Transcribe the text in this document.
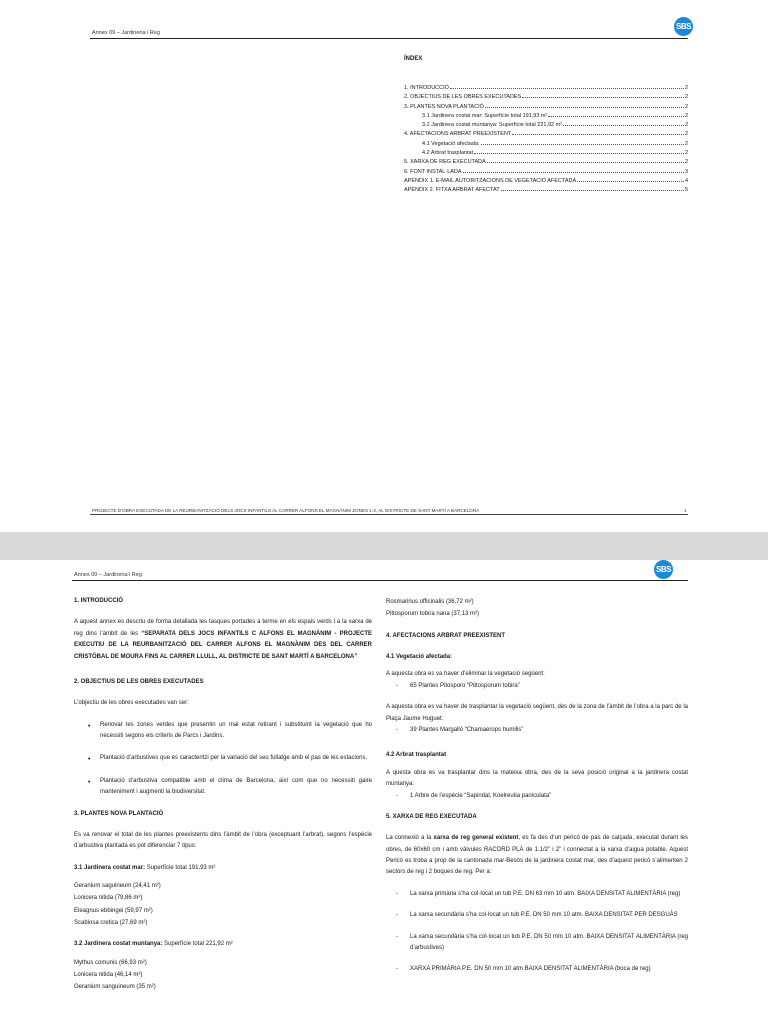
Annex 09 – Jardineria i Reg
SBS
ÍNDEX
1. INTRODUCCIÓ	2
2. OBJECTIUS DE LES OBRES EXECUTADES	2
3. PLANTES NOVA PLANTACIÓ	2
3.1 Jardinera costat mar: Superfície total 191,93 m²	2
3.2 Jardinera costat muntanya: Superfície total 221,92 m²	2
4. AFECTACIONS ARBRAT PREEXISTENT	2
4.1 Vegetació afectada:	2
4.2 Arbrat trasplantat	2
5. XARXA DE REG EXECUTADA	2
6. FONT INSTAL·LADA	3
APÈNDIX 1. E-MAIL AUTORITZACIONS DE VEGETACIÓ AFECTADA	4
APÈNDIX 2. FITXA ARBRAT AFECTAT	5
PROJECTE D’OBRA EXECUTADA DE LA REURBANITZACIÓ DELS JOCS INFANTILS AL CARRER ALFONS EL MAGNÀNIM ZONES 1-2, AL DISTRICTE DE SANT MARTÍ A BARCELONA	1
Annex 09 – Jardineria i Reg
SBS

1. INTRODUCCIÓ

A aquest annex es descriu de forma detallada les tasques portades a terme en els espais verds i a la xarxa de reg dins l’àmbit de les “SEPARATA DELS JOCS INFANTILS C ALFONS EL MAGNÀNIM - PROJECTE EXECUTIU DE LA REURBANITZACIÓ DEL CARRER ALFONS EL MAGNÀNIM DES DEL CARRER CRISTÒBAL DE MOURA FINS AL CARRER LLULL, AL DISTRICTE DE SANT MARTÍ A BARCELONA”

2. OBJECTIUS DE LES OBRES EXECUTADES

L’objectiu de les obres executades van ser:

•	Renovar les zones verdes que presentin un mal estat retirant i substituint la vegetació que ho necessiti segons els criteris de Parcs i Jardins.
•	Plantació d’arbustives que es caracteritzi per la variació del seu fullatge amb el pas de les estacions.
•	Plantació d’arbustiva compatible amb el clima de Barcelona, així com que no necessiti gaire manteniment i augmenti la biodiversitat.

3. PLANTES NOVA PLANTACIÓ

Es va renovar el total de les plantes preexistents dins l’àmbit de l’obra (exceptuant l’arbrat), segons l’espècie d’arbustiva plantada es pot diferenciar 7 tipus:

3.1 Jardinera costat mar: Superfície total 191,93 m²

Geranium saguineum (24,41 m²)

Lonicera nitida (79,86 m²)

Eleagnus ebbingei (59,97 m²)

Scabiosa cretica (27,69 m²)

3.2 Jardinera costat muntanya: Superfície total 221,92 m²

Mythus comunis (66,93 m²)

Lonicera nitida (46,14 m²)

Geranium sanguineum (35 m²)

Rosmarinus officinalis (36,72 m²)

Pittosporum tobira nana (37,13 m²)

4. AFECTACIONS ARBRAT PREEXISTENT

4.1 Vegetació afectada:

A aquesta obra es va haver d’eliminar la vegetació següent:

-	65 Plantes Pitosporo “Pittosporum tobira”

A aquesta obra es va haver de trasplantar la vegetació següent, des de la zona de l’àmbit de l’obra a la parc de la Plaça Jaume Huguet:

-	39 Plantes Margalló “Chamaerops humilis”

4.2 Arbrat trasplantat

A questa obra es va trasplantar dins la mateixa obra, des de la seva posició original a la jardinera costat muntanya:

-	1 Arbre de l’espècie “Sapindal, Koelreutia paniculata”

5. XARXA DE REG EXECUTADA

La connexió a la xarxa de reg general existent, es fa des d’un pericó de pas de calçada, executat durant les obres, de 60x60 cm i amb vàlvules RACORD PLÀ de 1.1/2” i 2” i connectat a la xarxa d’aigua potable. Aquest Pericó es troba a prop de la cantonada mar-Besòs de la jardinera costat mar, des d’aquest pericó s’alimenten 2 sectors de reg i 2 boques de reg. Per a:

-	La xarxa primària s’ha col·locat un tub P.E. DN 63 mm 10 atm. BAIXA DENSITAT ALIMENTÀRIA (reg)
-	La xarxa secundària s’ha col·locat un tub P.E. DN 50 mm 10 atm. BAIXA DENSITAT PER DESGUÀS
-	La xarxa secundària s’ha col·locat un tub P.E. DN 50 mm 10 atm. BAIXA DENSITAT ALIMENTÀRIA (reg d’arbustives)
-	XARXA PRIMÀRIA P.E. DN 50 mm 10 atm BAIXA DENSITAT ALIMENTÀRIA (boca de reg)
